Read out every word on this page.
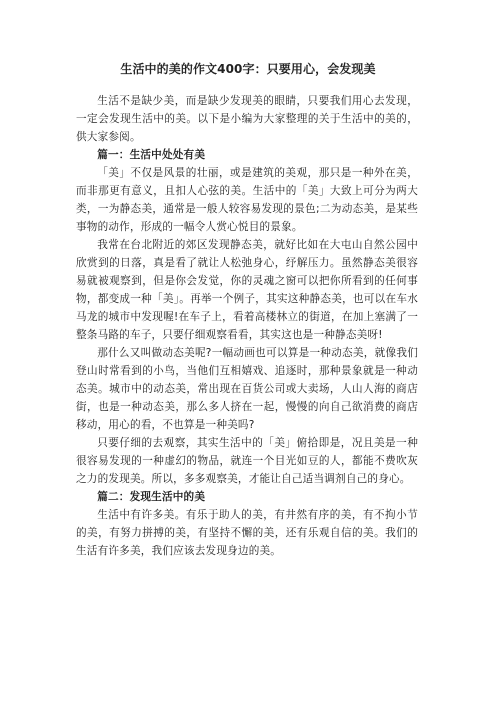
生活中的美的作文400字：只要用心，会发现美

生活不是缺少美，而是缺少发现美的眼睛，只要我们用心去发现，一定会发现生活中的美。以下是小编为大家整理的关于生活中的美的，供大家参阅。

篇一：生活中处处有美

「美」不仅是风景的壮丽，或是建筑的美观，那只是一种外在美，而非那更有意义，且扣人心弦的美。生活中的「美」大致上可分为两大类，一为静态美，通常是一般人较容易发现的景色;二为动态美，是某些事物的动作，形成的一幅令人赏心悦目的景象。

我常在台北附近的郊区发现静态美，就好比如在大屯山自然公园中欣赏到的日落，真是看了就让人松弛身心，纾解压力。虽然静态美很容易就被观察到，但是你会发觉，你的灵魂之窗可以把你所看到的任何事物，都变成一种「美」。再举一个例子，其实这种静态美，也可以在车水马龙的城市中发现喔!在车子上，看着高楼林立的街道，在加上塞满了一整条马路的车子，只要仔细观察看看，其实这也是一种静态美呀!

那什么又叫做动态美呢?一幅动画也可以算是一种动态美，就像我们登山时常看到的小鸟，当他们互相嬉戏、追逐时，那种景象就是一种动态美。城市中的动态美，常出现在百货公司或大卖场，人山人海的商店街，也是一种动态美，那么多人挤在一起，慢慢的向自己欲消费的商店移动，用心的看，不也算是一种美吗?

只要仔细的去观察，其实生活中的「美」俯拾即是，况且美是一种很容易发现的一种虚幻的物品，就连一个目光如豆的人，都能不费吹灰之力的发现美。所以，多多观察美，才能让自己适当调剂自己的身心。

篇二：发现生活中的美

生活中有许多美。有乐于助人的美，有井然有序的美，有不拘小节的美，有努力拼搏的美，有坚持不懈的美，还有乐观自信的美。我们的生活有许多美，我们应该去发现身边的美。
